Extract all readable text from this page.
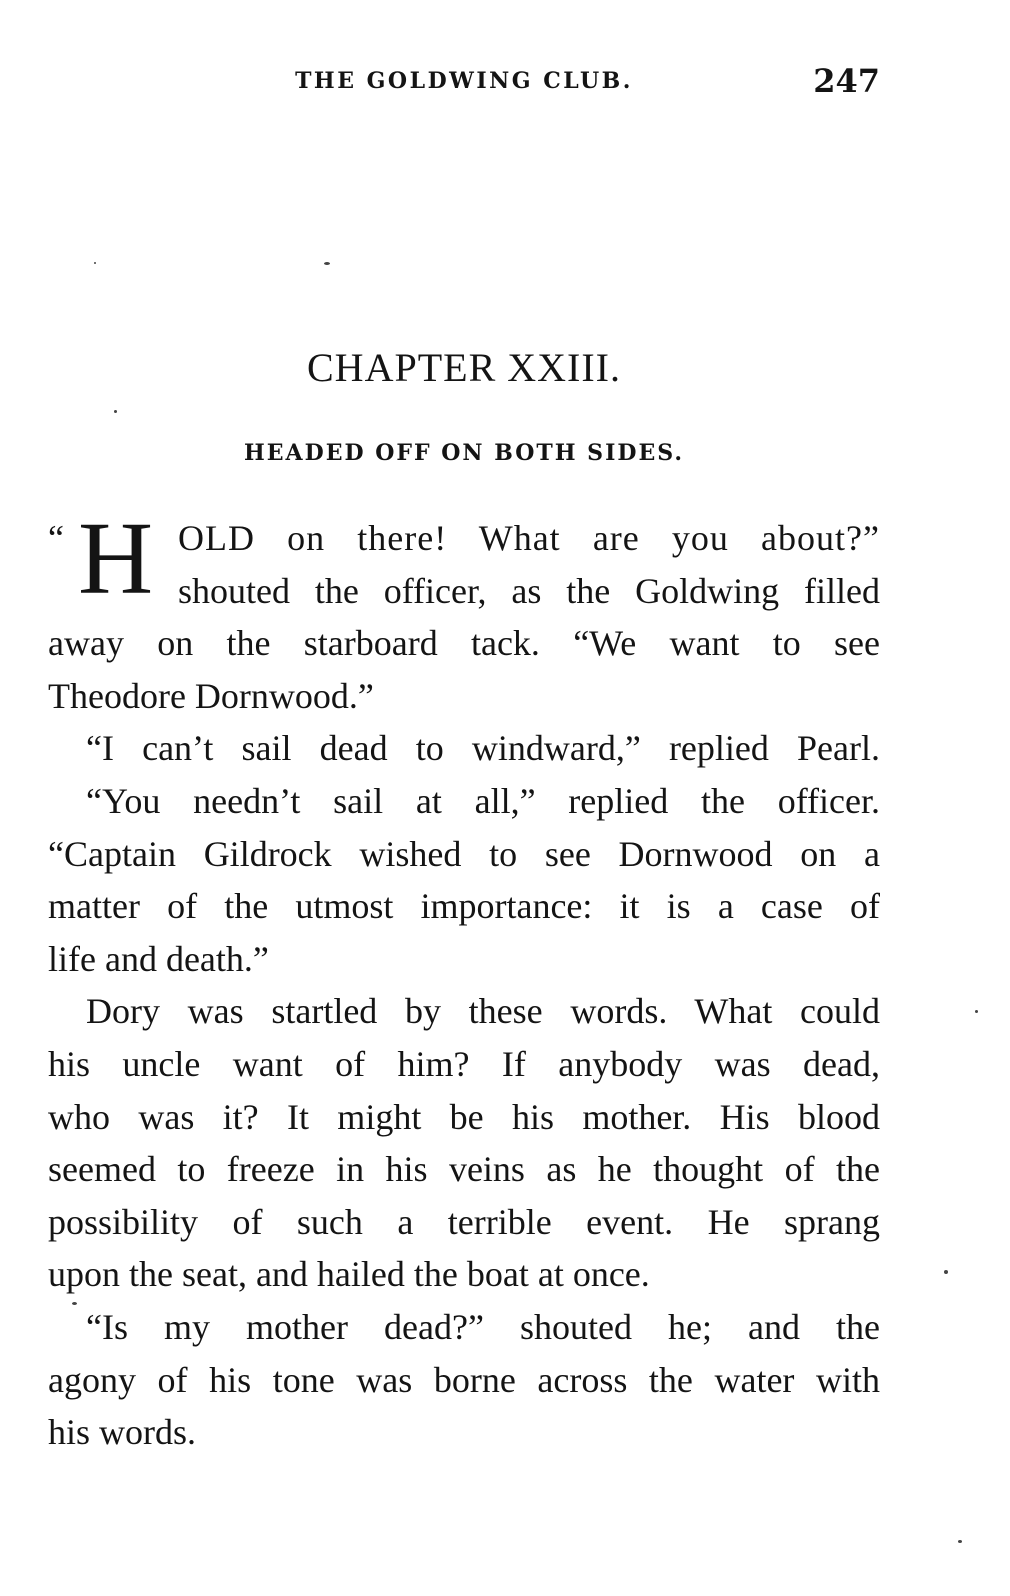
THE GOLDWING CLUB.	247
CHAPTER XXIII.
HEADED OFF ON BOTH SIDES.
“ H OLD on there! What are you about?”
shouted the officer, as the Goldwing filled
away on the starboard tack. “We want to see
Theodore Dornwood.”
“I can’t sail dead to windward,” replied Pearl.
“You needn’t sail at all,” replied the officer.
“Captain Gildrock wished to see Dornwood on a
matter of the utmost importance: it is a case of
life and death.”
Dory was startled by these words. What could
his uncle want of him? If anybody was dead,
who was it? It might be his mother. His blood
seemed to freeze in his veins as he thought of the
possibility of such a terrible event. He sprang
upon the seat, and hailed the boat at once.
“Is my mother dead?” shouted he; and the
agony of his tone was borne across the water with
his words.
